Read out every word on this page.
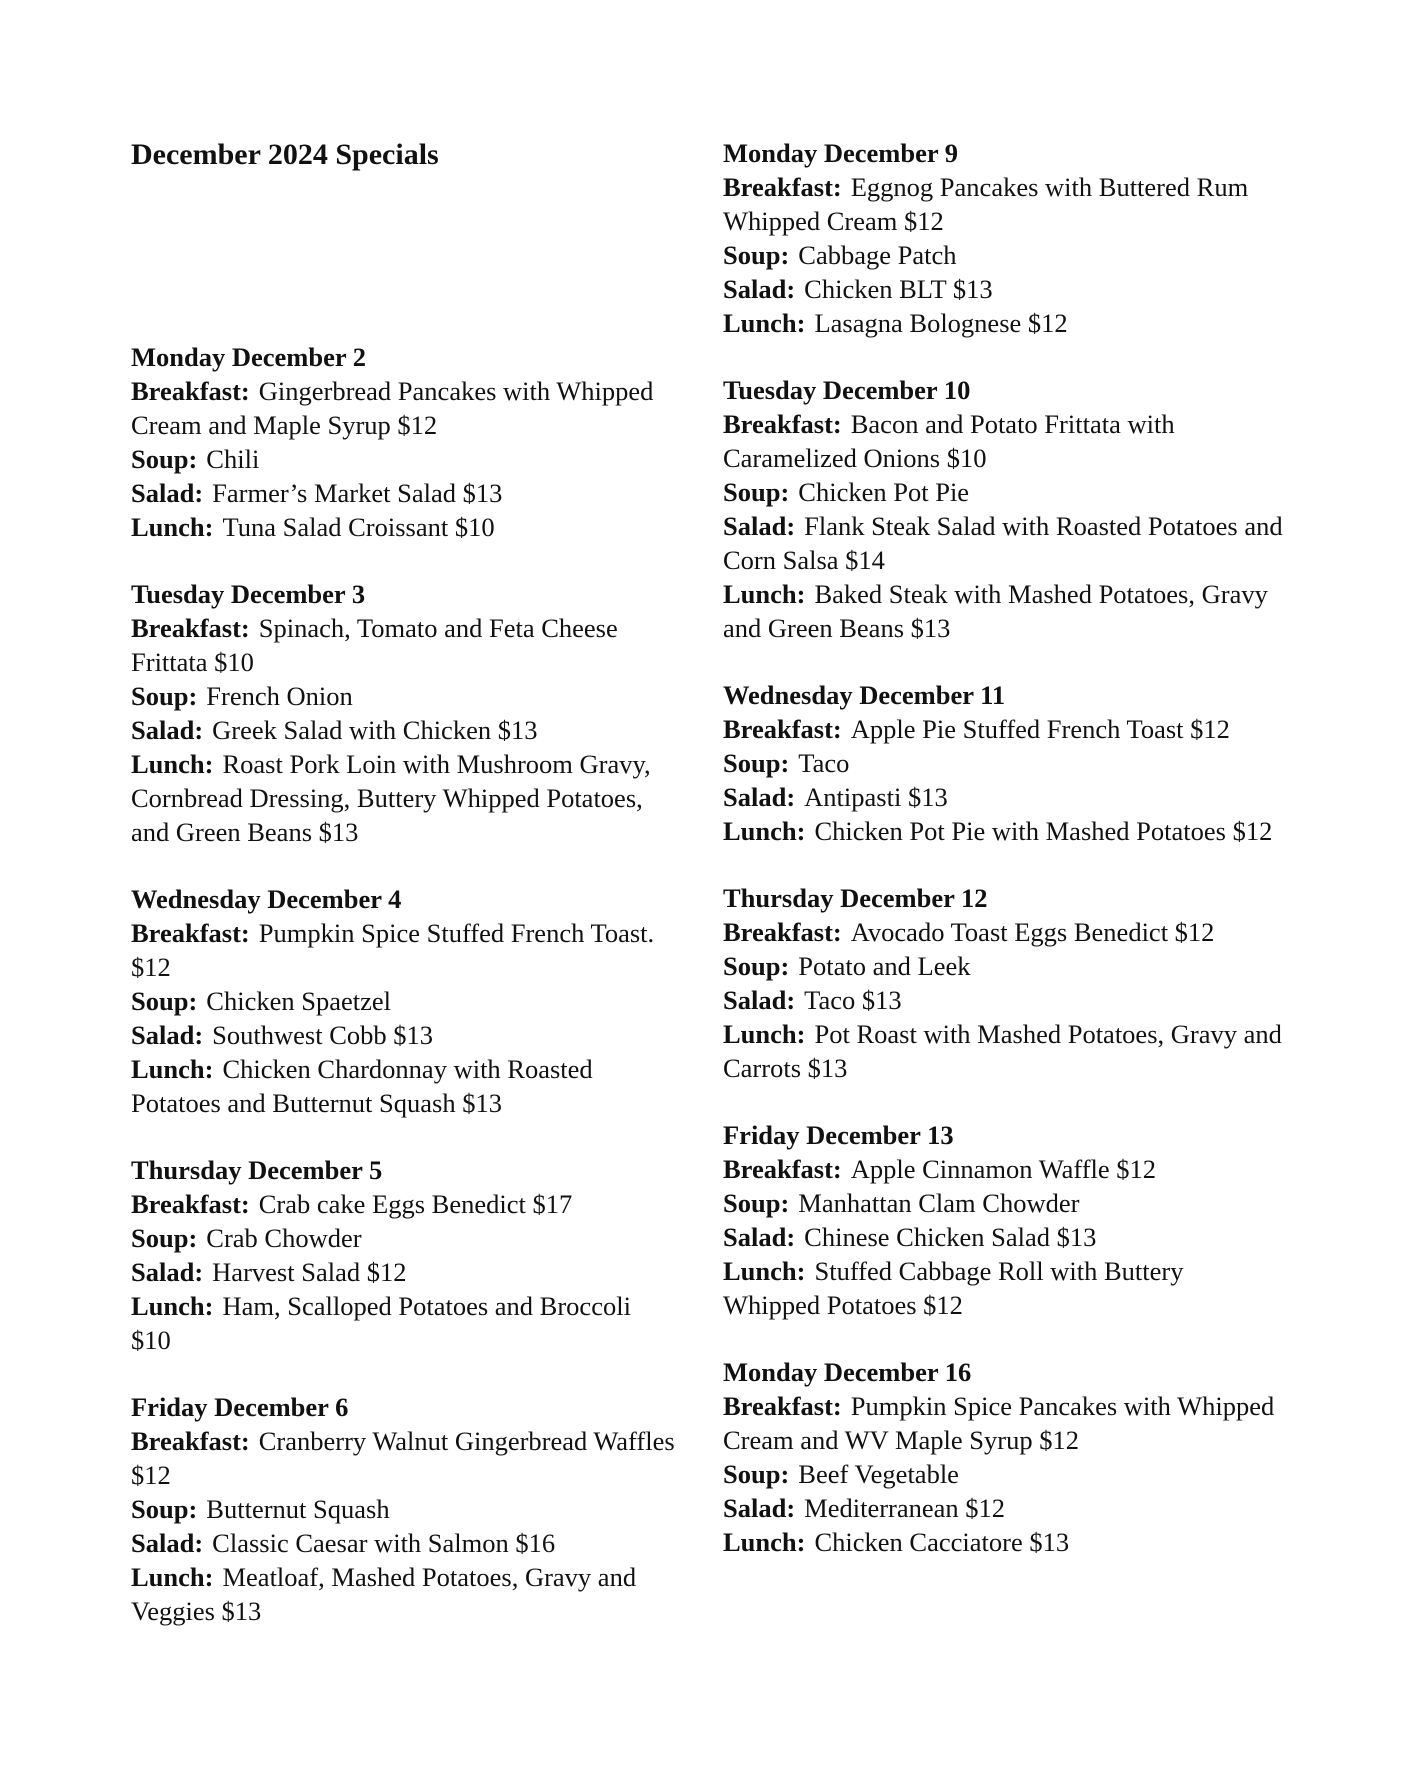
December 2024 Specials
Monday December 2
Breakfast: Gingerbread Pancakes with Whipped Cream and Maple Syrup $12
Soup: Chili
Salad: Farmer’s Market Salad $13
Lunch: Tuna Salad Croissant $10
Tuesday December 3
Breakfast: Spinach, Tomato and Feta Cheese Frittata $10
Soup: French Onion
Salad: Greek Salad with Chicken $13
Lunch: Roast Pork Loin with Mushroom Gravy, Cornbread Dressing, Buttery Whipped Potatoes, and Green Beans $13
Wednesday December 4
Breakfast: Pumpkin Spice Stuffed French Toast. $12
Soup: Chicken Spaetzel
Salad: Southwest Cobb $13
Lunch: Chicken Chardonnay with Roasted Potatoes and Butternut Squash $13
Thursday December 5
Breakfast: Crab cake Eggs Benedict $17
Soup: Crab Chowder
Salad: Harvest Salad $12
Lunch: Ham, Scalloped Potatoes and Broccoli $10
Friday December 6
Breakfast: Cranberry Walnut Gingerbread Waffles $12
Soup: Butternut Squash
Salad: Classic Caesar with Salmon $16
Lunch: Meatloaf, Mashed Potatoes, Gravy and Veggies $13
Monday December 9
Breakfast: Eggnog Pancakes with Buttered Rum Whipped Cream $12
Soup: Cabbage Patch
Salad: Chicken BLT $13
Lunch: Lasagna Bolognese $12
Tuesday December 10
Breakfast: Bacon and Potato Frittata with Caramelized Onions $10
Soup: Chicken Pot Pie
Salad: Flank Steak Salad with Roasted Potatoes and Corn Salsa $14
Lunch: Baked Steak with Mashed Potatoes, Gravy and Green Beans $13
Wednesday December 11
Breakfast: Apple Pie Stuffed French Toast $12
Soup: Taco
Salad: Antipasti $13
Lunch: Chicken Pot Pie with Mashed Potatoes $12
Thursday December 12
Breakfast: Avocado Toast Eggs Benedict $12
Soup: Potato and Leek
Salad: Taco $13
Lunch: Pot Roast with Mashed Potatoes, Gravy and Carrots $13
Friday December 13
Breakfast: Apple Cinnamon Waffle $12
Soup: Manhattan Clam Chowder
Salad: Chinese Chicken Salad $13
Lunch: Stuffed Cabbage Roll with Buttery Whipped Potatoes $12
Monday December 16
Breakfast: Pumpkin Spice Pancakes with Whipped Cream and WV Maple Syrup $12
Soup: Beef Vegetable
Salad: Mediterranean $12
Lunch: Chicken Cacciatore $13
